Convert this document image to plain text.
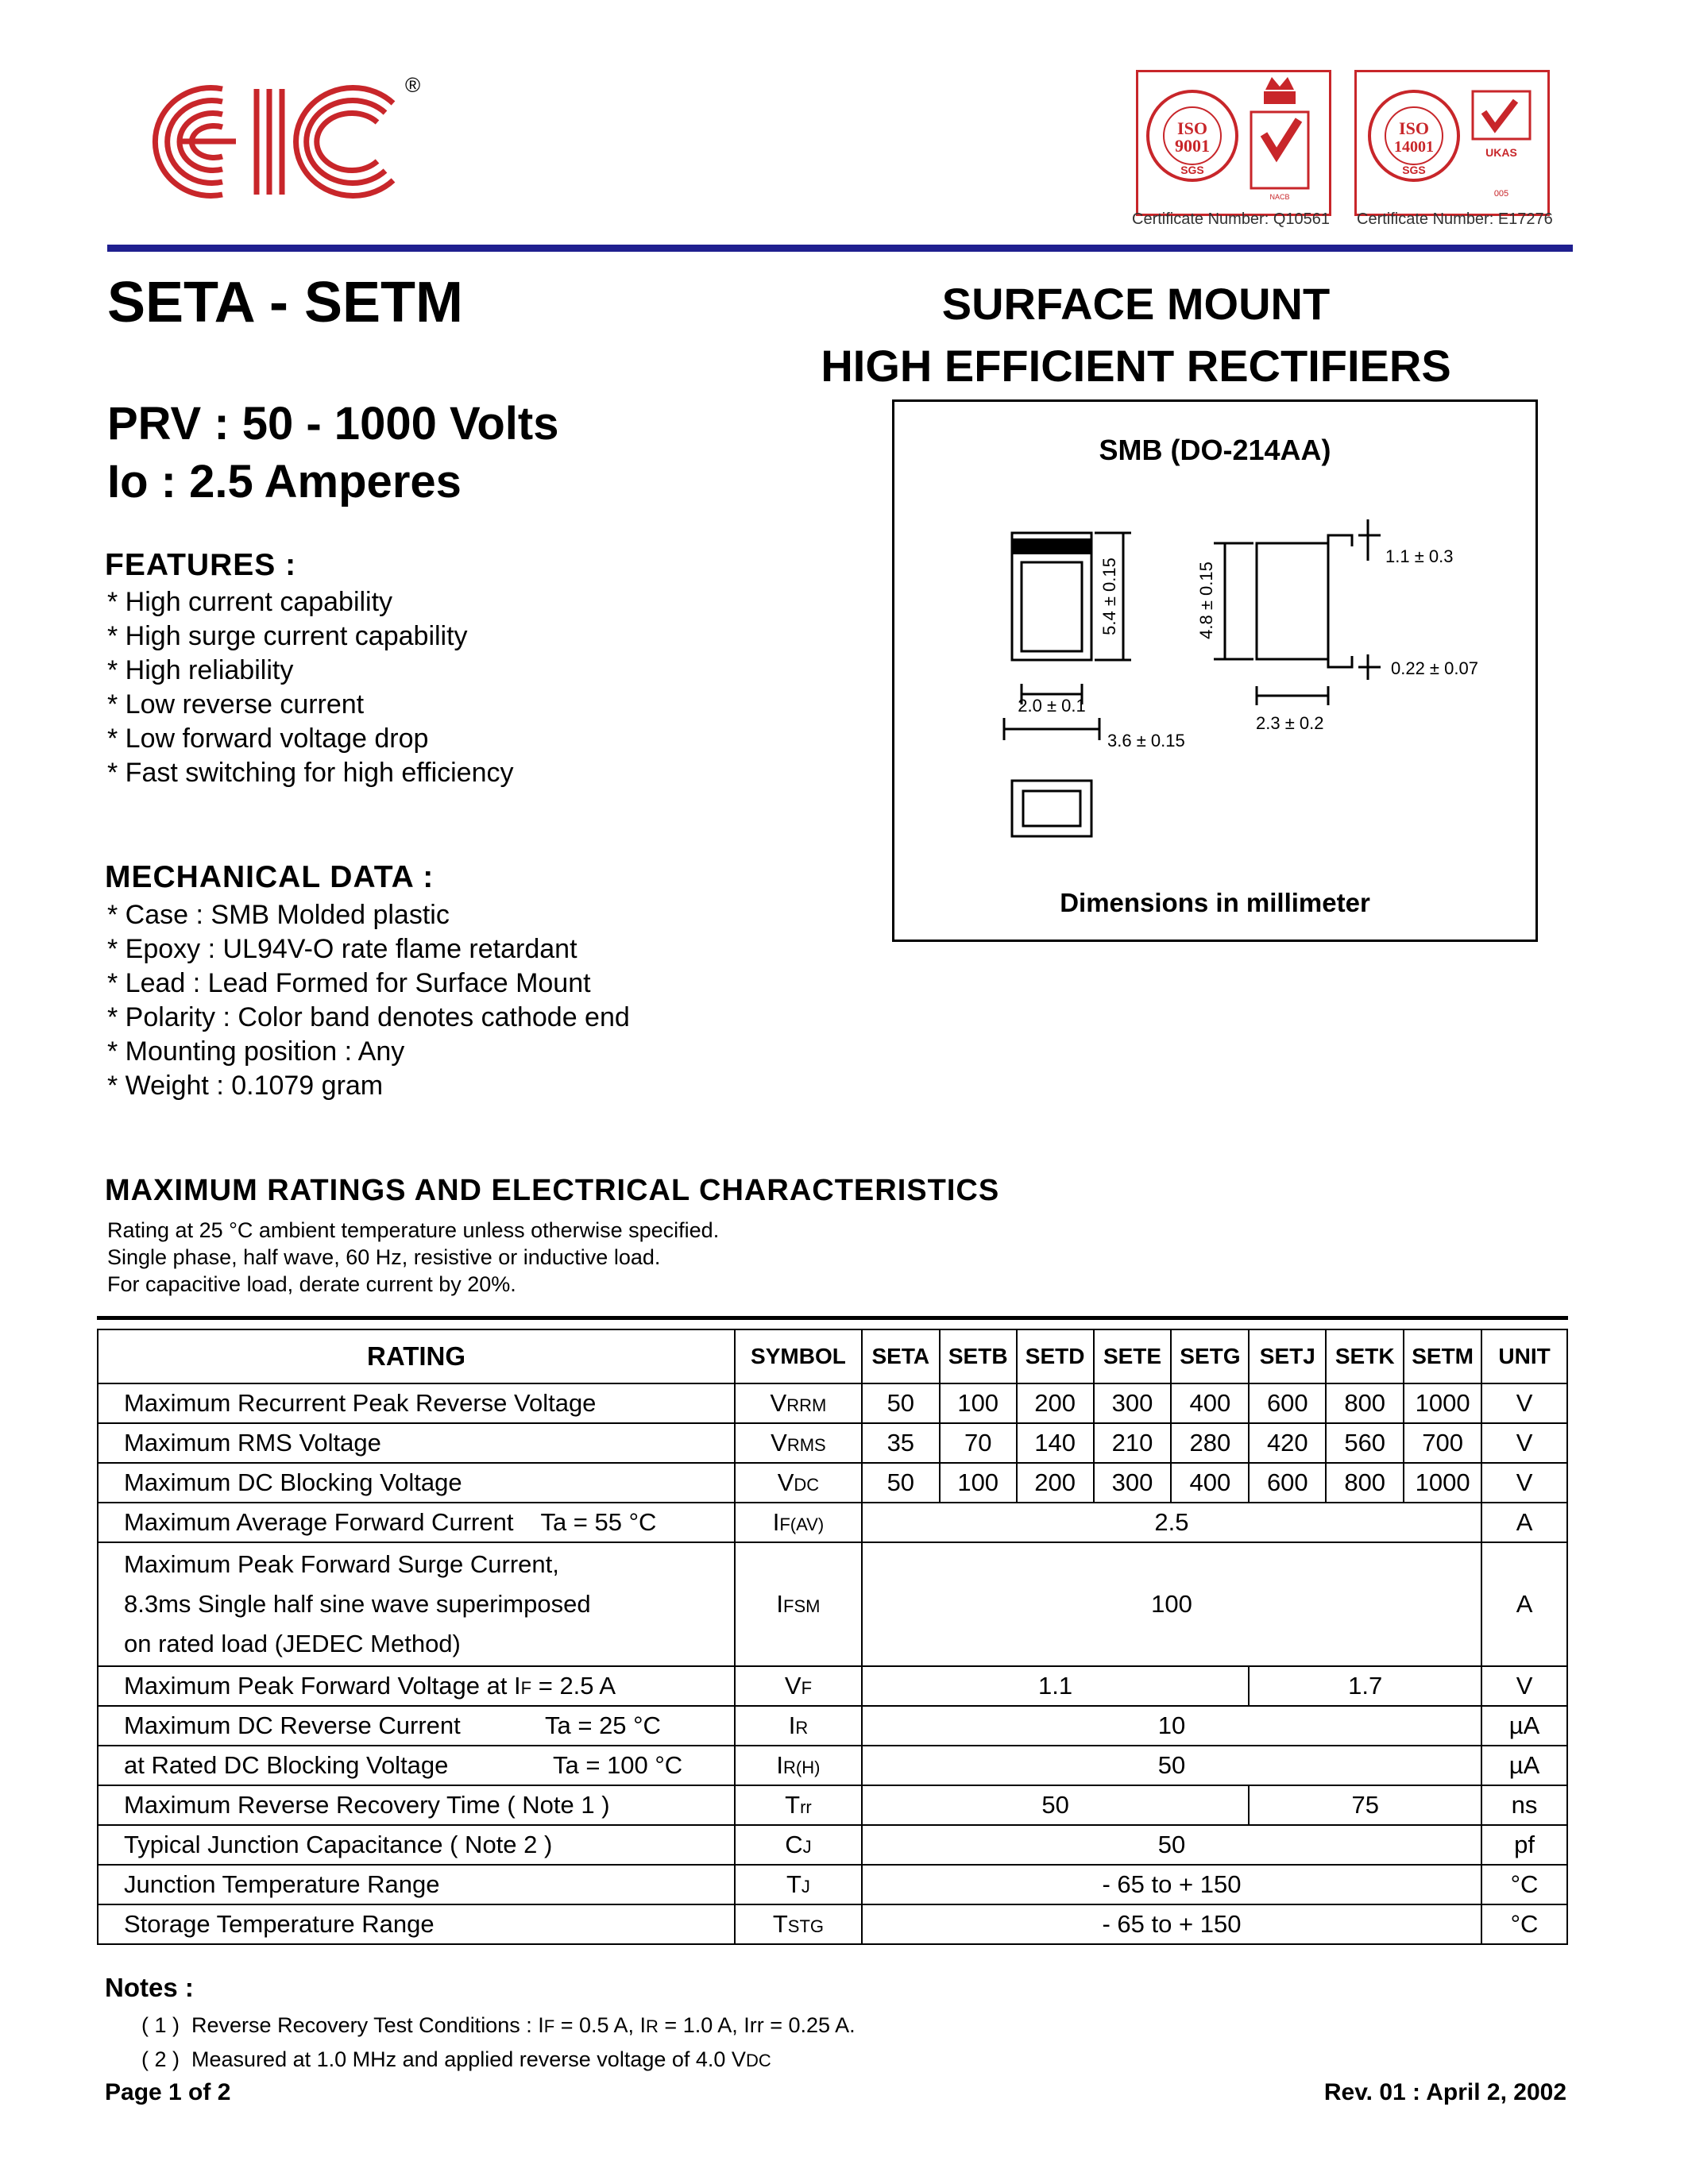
®
ISO
9001
SGS
NACB
Certificate Number: Q10561
ISO
14001
SGS
UKAS
005
Certificate Number: E17276
SETA - SETM	SURFACE MOUNT
HIGH EFFICIENT RECTIFIERS
PRV : 50 - 1000 Volts
Io : 2.5 Amperes
FEATURES :
* High current capability
* High surge current capability
* High reliability
* Low reverse current
* Low forward voltage drop
* Fast switching for high efficiency
MECHANICAL DATA :
* Case : SMB Molded plastic
* Epoxy : UL94V-O rate flame retardant
* Lead : Lead Formed for Surface Mount
* Polarity : Color band denotes cathode end
* Mounting position : Any
* Weight : 0.1079 gram
SMB (DO-214AA)
5.4 ± 0.15
2.0 ± 0.1
3.6 ± 0.15
4.8 ± 0.15
1.1 ± 0.3
0.22 ± 0.07
2.3 ± 0.2
Dimensions in millimeter
MAXIMUM RATINGS AND ELECTRICAL CHARACTERISTICS
Rating at 25 °C ambient temperature unless otherwise specified.
Single phase, half wave, 60 Hz, resistive or inductive load.
For capacitive load, derate current by 20%.
RATING	SYMBOL	SETA	SETB	SETD	SETE	SETG	SETJ	SETK	SETM	UNIT
Maximum Recurrent Peak Reverse Voltage	VRRM	50	100	200	300	400	600	800	1000	V
Maximum RMS Voltage	VRMS	35	70	140	210	280	420	560	700	V
Maximum DC Blocking Voltage	VDC	50	100	200	300	400	600	800	1000	V
Maximum Average Forward Current Ta = 55 °C	IF(AV)	2.5								A

Maximum Peak Forward Surge Current,
8.3ms Single half sine wave superimposed
on rated load (JEDEC Method)	IFSM	100								A
Maximum Peak Forward Voltage at IF = 2.5 A	VF	1.1					1.7			V
Maximum DC Reverse Current Ta = 25 °C	IR	10								µA
at Rated DC Blocking Voltage Ta = 100 °C	IR(H)	50								µA
Maximum Reverse Recovery Time ( Note 1 )	Trr	50					75			ns
Typical Junction Capacitance ( Note 2 )	CJ	50								pf
Junction Temperature Range	TJ	- 65 to + 150								°C
Storage Temperature Range	TSTG	- 65 to + 150								°C
Notes :
( 1 ) Reverse Recovery Test Conditions : IF = 0.5 A, IR = 1.0 A, Irr = 0.25 A.
( 2 ) Measured at 1.0 MHz and applied reverse voltage of 4.0 VDC
Page 1 of 2	Rev. 01 : April 2, 2002
